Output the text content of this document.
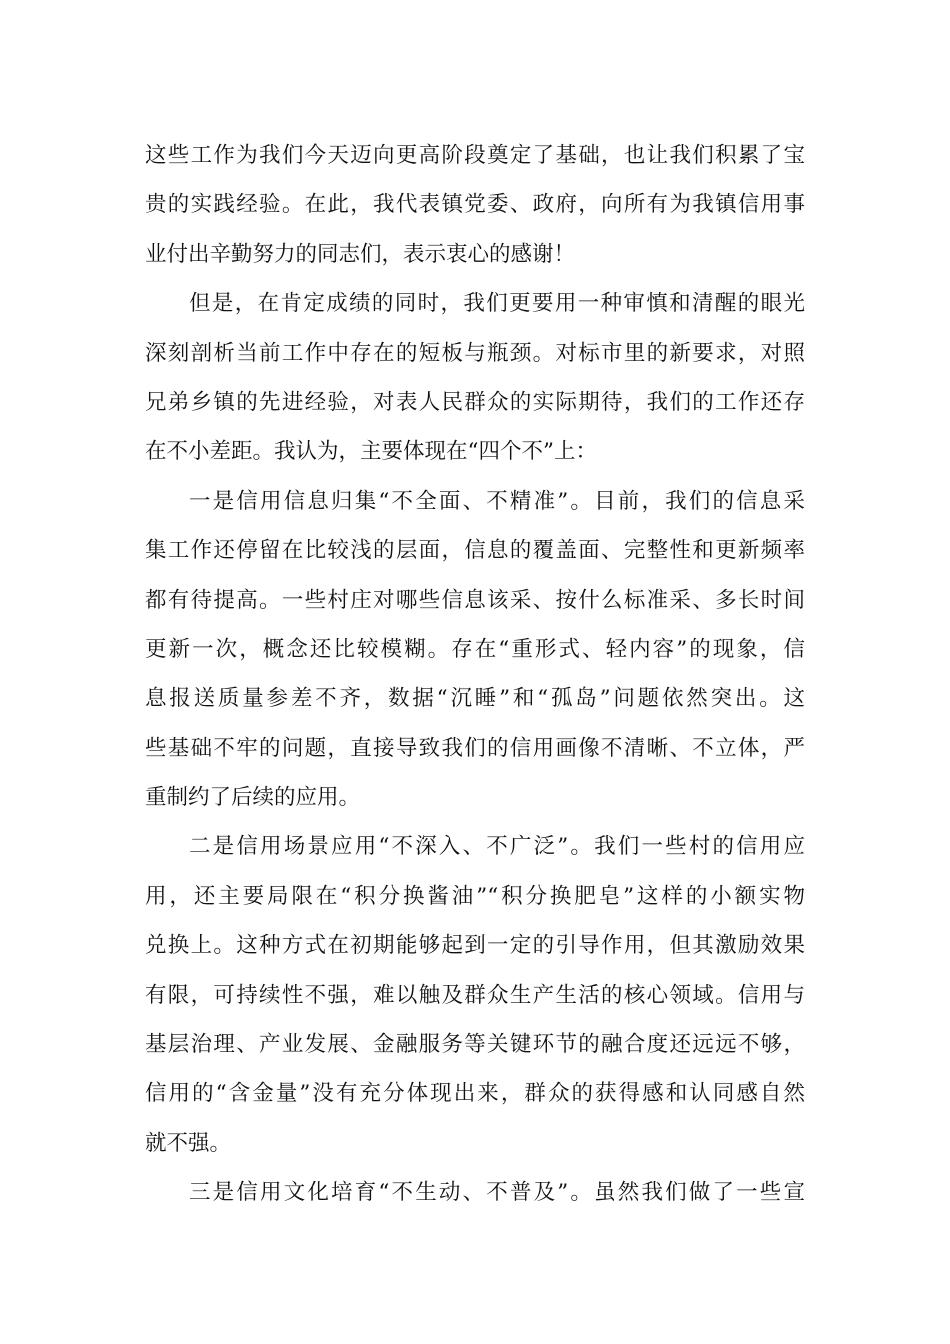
这些工作为我们今天迈向更高阶段奠定了基础，也让我们积累了宝
贵的实践经验。在此，我代表镇党委、政府，向所有为我镇信用事
业付出辛勤努力的同志们，表示衷心的感谢！
但是，在肯定成绩的同时，我们更要用一种审慎和清醒的眼光
深刻剖析当前工作中存在的短板与瓶颈。对标市里的新要求，对照
兄弟乡镇的先进经验，对表人民群众的实际期待，我们的工作还存
在不小差距。我认为，主要体现在“四个不”上：
一是信用信息归集“不全面、不精准”。目前，我们的信息采
集工作还停留在比较浅的层面，信息的覆盖面、完整性和更新频率
都有待提高。一些村庄对哪些信息该采、按什么标准采、多长时间
更新一次，概念还比较模糊。存在“重形式、轻内容”的现象，信
息报送质量参差不齐，数据“沉睡”和“孤岛”问题依然突出。这
些基础不牢的问题，直接导致我们的信用画像不清晰、不立体，严
重制约了后续的应用。
二是信用场景应用“不深入、不广泛”。我们一些村的信用应
用，还主要局限在“积分换酱油”“积分换肥皂”这样的小额实物
兑换上。这种方式在初期能够起到一定的引导作用，但其激励效果
有限，可持续性不强，难以触及群众生产生活的核心领域。信用与
基层治理、产业发展、金融服务等关键环节的融合度还远远不够，
信用的“含金量”没有充分体现出来，群众的获得感和认同感自然
就不强。
三是信用文化培育“不生动、不普及”。虽然我们做了一些宣
